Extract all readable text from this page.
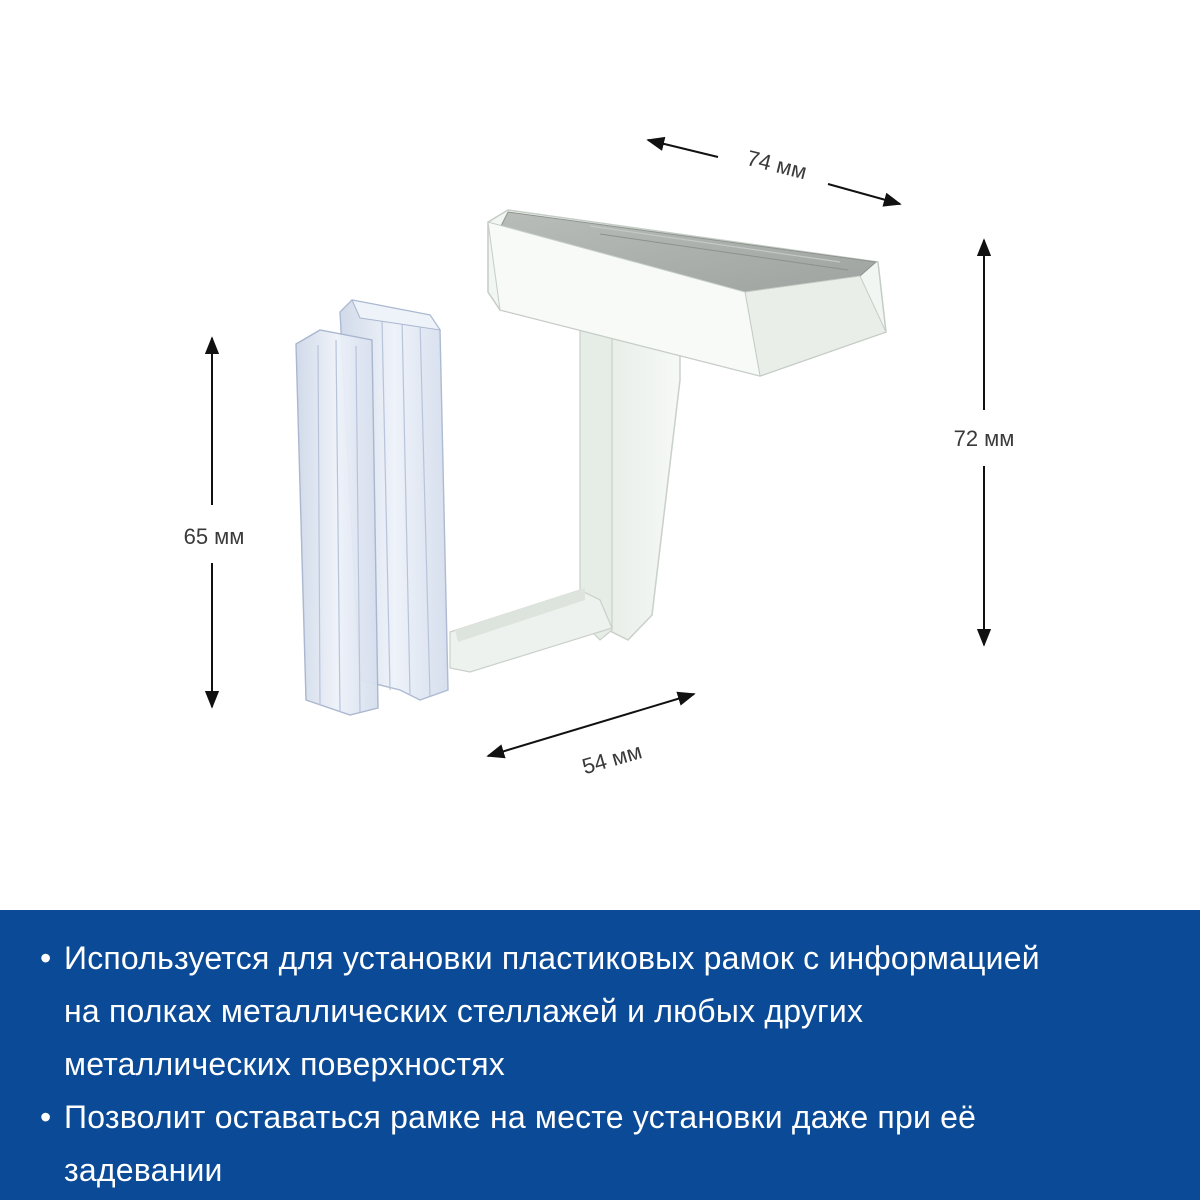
74 мм
72 мм
65 мм
54 мм
• Используется для установки пластиковых рамок с информацией на полках металлических стеллажей и любых других металлических поверхностях
• Позволит оставаться рамке на месте установки даже при её задевании
